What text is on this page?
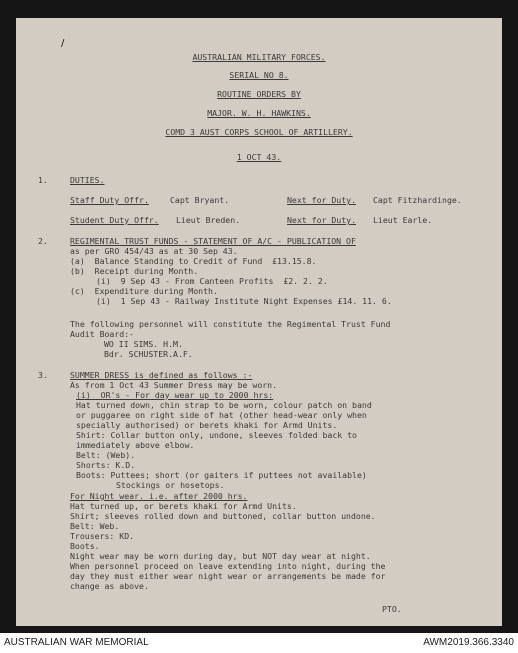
/
AUSTRALIAN MILITARY FORCES.
SERIAL NO 8.
ROUTINE ORDERS BY
MAJOR. W. H. HAWKINS.
COMD 3 AUST CORPS SCHOOL OF ARTILLERY.
1 OCT 43.
1.	DUTIES.
Staff Duty Offr.	Capt Bryant.	Next for Duty. Capt Fitzhardinge.
Student Duty Offr. Lieut Breden.	Next for Duty. Lieut Earle.
2.	REGIMENTAL TRUST FUNDS - STATEMENT OF A/C - PUBLICATION OF
as per GRO 454/43 as at 30 Sep 43.
(a)  Balance Standing to Credit of Fund  £13.15.8.
(b)  Receipt during Month.
(i)  9 Sep 43 - From Canteen Profits  £2. 2. 2.
(c)  Expenditure during Month.
(i)  1 Sep 43 - Railway Institute Night Expenses £14. 11. 6.
The following personnel will constitute the Regimental Trust Fund
Audit Board:-
WO II SIMS. H.M.
Bdr. SCHUSTER.A.F.
3.	SUMMER DRESS is defined as follows :-
As from 1 Oct 43 Summer Dress may be worn.
(i)  OR's - For day wear up to 2000 hrs:
Hat turned down, chin strap to be worn, colour patch on band
or puggaree on right side of hat (other head-wear only when
specially authorised) or berets khaki for Armd Units.
Shirt: Collar button only, undone, sleeves folded back to
immediately above elbow.
Belt: (Web).
Shorts: K.D.
Boots: Puttees; short (or gaiters if puttees not available)
Stockings or hosetops.
For Night wear. i.e. after 2000 hrs.
Hat turned up, or berets khaki for Armd Units.
Shirt; sleeves rolled down and buttoned, collar button undone.
Belt: Web.
Trousers: KD.
Boots.
Night wear may be worn during day, but NOT day wear at night.
When personnel proceed on leave extending into night, during the
day they must either wear night wear or arrangements be made for
change as above.
PTO.
AUSTRALIAN WAR MEMORIAL	AWM2019.366.3340
